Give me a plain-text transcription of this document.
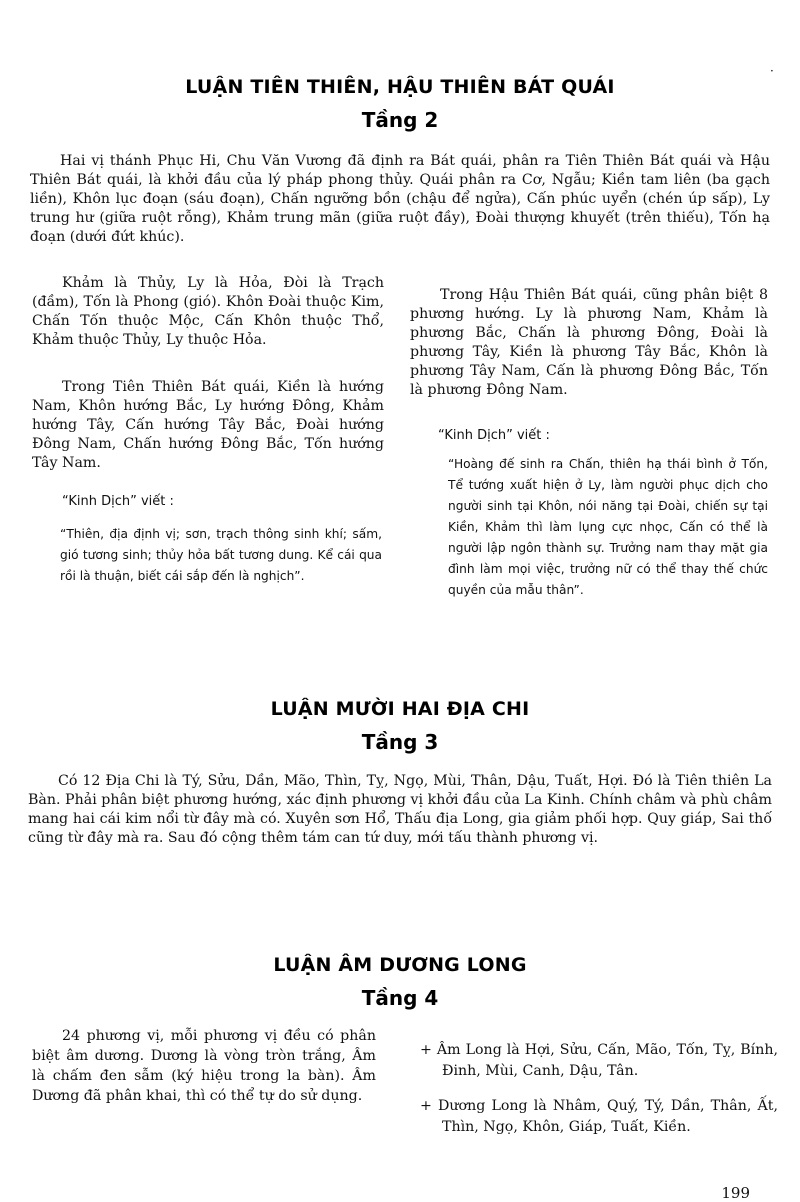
·
LUẬN TIÊN THIÊN, HẬU THIÊN BÁT QUÁI
Tầng 2

Hai vị thánh Phục Hi, Chu Văn Vương đã định ra Bát quái, phân ra Tiên Thiên Bát quái và Hậu Thiên Bát quái, là khởi đầu của lý pháp phong thủy. Quái phân ra Cơ, Ngẫu; Kiền tam liên (ba gạch liền), Khôn lục đoạn (sáu đoạn), Chấn ngưỡng bồn (chậu để ngửa), Cấn phúc uyển (chén úp sấp), Ly trung hư (giữa ruột rỗng), Khảm trung mãn (giữa ruột đầy), Đoài thượng khuyết (trên thiếu), Tốn hạ đoạn (dưới đứt khúc).

Khảm là Thủy, Ly là Hỏa, Đòi là Trạch (đầm), Tốn là Phong (gió). Khôn Đoài thuộc Kim, Chấn Tốn thuộc Mộc, Cấn Khôn thuộc Thổ, Khảm thuộc Thủy, Ly thuộc Hỏa.

Trong Tiên Thiên Bát quái, Kiền là hướng Nam, Khôn hướng Bắc, Ly hướng Đông, Khảm hướng Tây, Cấn hướng Tây Bắc, Đoài hướng Đông Nam, Chấn hướng Đông Bắc, Tốn hướng Tây Nam.

“Kinh Dịch” viết :

“Thiên, địa định vị; sơn, trạch thông sinh khí; sấm, gió tương sinh; thủy hỏa bất tương dung. Kể cái qua rồi là thuận, biết cái sắp đến là nghịch”.

Trong Hậu Thiên Bát quái, cũng phân biệt 8 phương hướng. Ly là phương Nam, Khảm là phương Bắc, Chấn là phương Đông, Đoài là phương Tây, Kiền là phương Tây Bắc, Khôn là phương Tây Nam, Cấn là phương Đông Bắc, Tốn là phương Đông Nam.

“Kinh Dịch” viết :

“Hoàng đế sinh ra Chấn, thiên hạ thái bình ở Tốn, Tể tướng xuất hiện ở Ly, làm người phục dịch cho người sinh tại Khôn, nói năng tại Đoài, chiến sự tại Kiền, Khảm thì làm lụng cực nhọc, Cấn có thể là người lập ngôn thành sự. Trưởng nam thay mặt gia đình làm mọi việc, trưởng nữ có thể thay thế chức quyền của mẫu thân”.

LUẬN MƯỜI HAI ĐỊA CHI
Tầng 3

Có 12 Địa Chi là Tý, Sửu, Dần, Mão, Thìn, Tỵ, Ngọ, Mùi, Thân, Dậu, Tuất, Hợi. Đó là Tiên thiên La Bàn. Phải phân biệt phương hướng, xác định phương vị khởi đầu của La Kinh. Chính châm và phù châm mang hai cái kim nổi từ đây mà có. Xuyên sơn Hổ, Thấu địa Long, gia giảm phối hợp. Quy giáp, Sai thố cũng từ đây mà ra. Sau đó cộng thêm tám can tứ duy, mới tấu thành phương vị.

LUẬN ÂM DƯƠNG LONG
Tầng 4

24 phương vị, mỗi phương vị đều có phân biệt âm dương. Dương là vòng tròn trắng, Âm là chấm đen sẫm (ký hiệu trong la bàn). Âm Dương đã phân khai, thì có thể tự do sử dụng.

+ Âm Long là Hợi, Sửu, Cấn, Mão, Tốn, Tỵ, Bính, Đinh, Mùi, Canh, Dậu, Tân.

+ Dương Long là Nhâm, Quý, Tý, Dần, Thân, Ất, Thìn, Ngọ, Khôn, Giáp, Tuất, Kiền.

199
